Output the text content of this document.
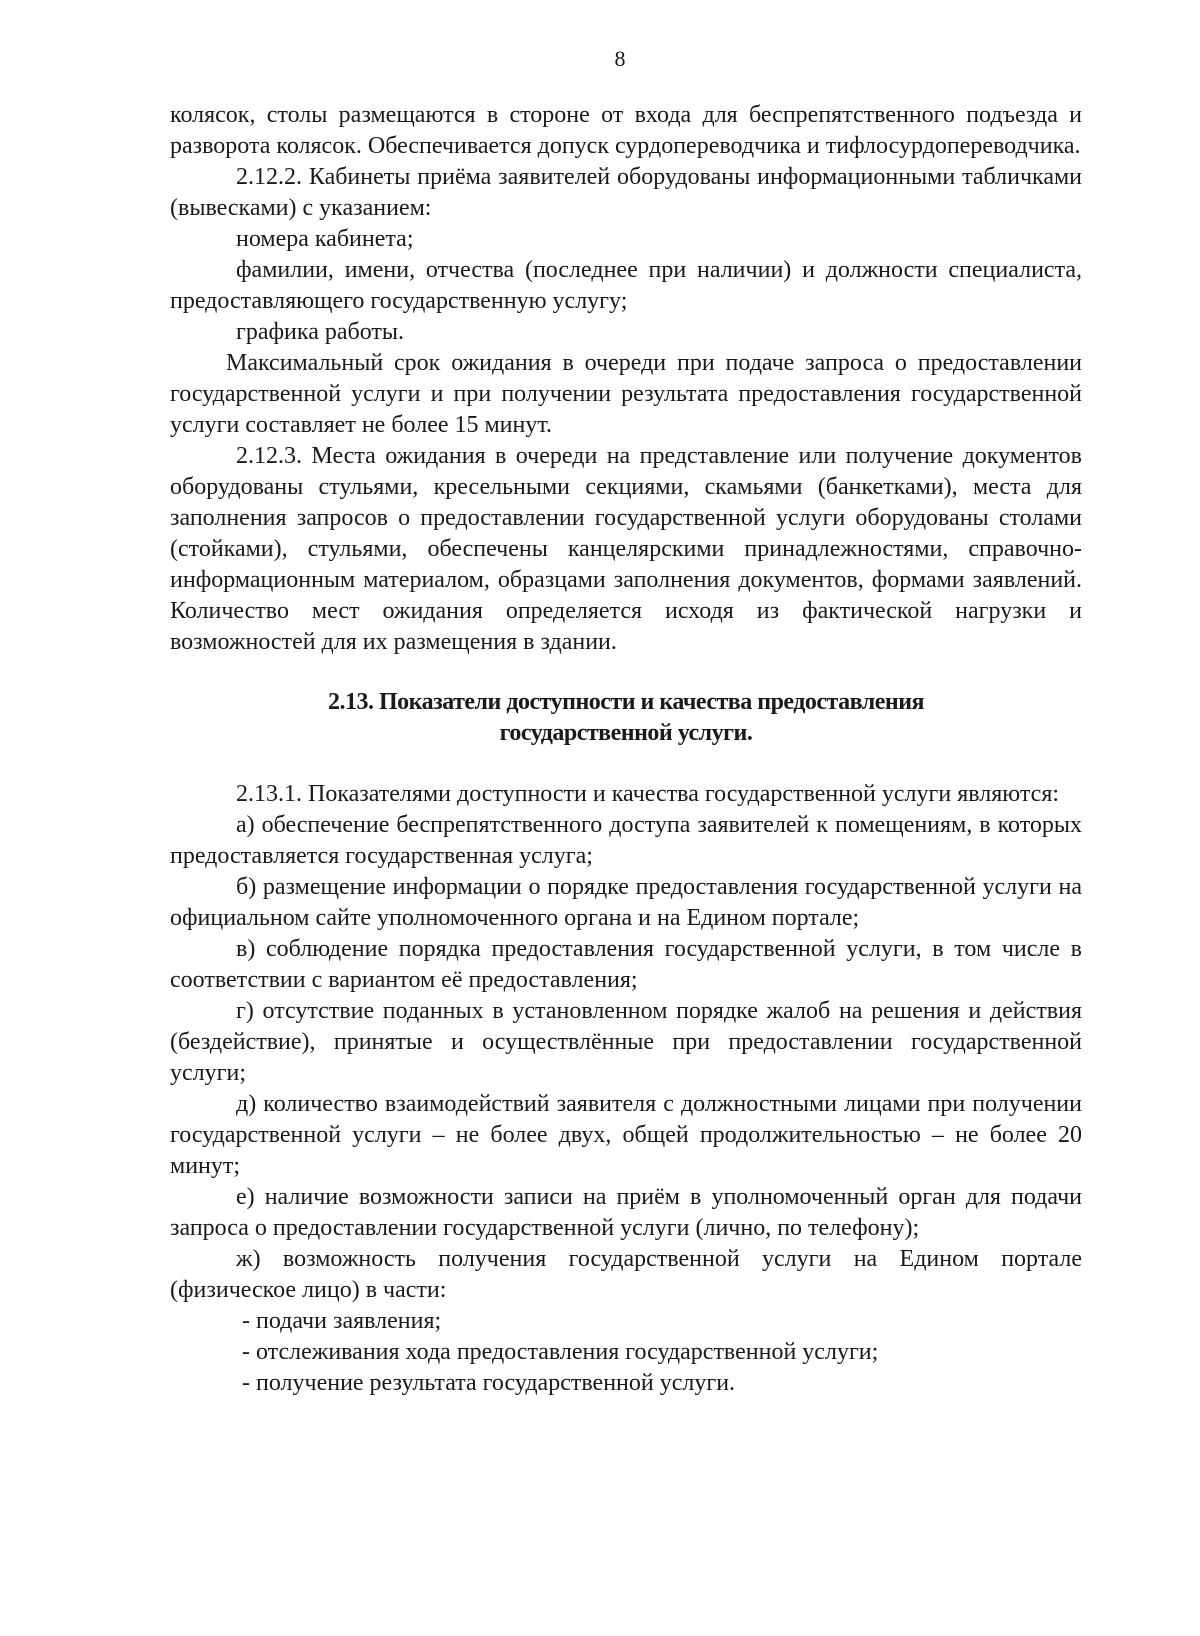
8

колясок, столы размещаются в стороне от входа для беспрепятственного подъезда и разворота колясок. Обеспечивается допуск сурдопереводчика и тифлосурдопереводчика.

2.12.2. Кабинеты приёма заявителей оборудованы информационными табличками (вывесками) с указанием:

номера кабинета;

фамилии, имени, отчества (последнее при наличии) и должности специалиста, предоставляющего государственную услугу;

графика работы.

Максимальный срок ожидания в очереди при подаче запроса о предоставлении государственной услуги и при получении результата предоставления государственной услуги составляет не более 15 минут.

2.12.3. Места ожидания в очереди на представление или получение документов оборудованы стульями, кресельными секциями, скамьями (банкетками), места для заполнения запросов о предоставлении государственной услуги оборудованы столами (стойками), стульями, обеспечены канцелярскими принадлежностями, справочно-информационным материалом, образцами заполнения документов, формами заявлений. Количество мест ожидания определяется исходя из фактической нагрузки и возможностей для их размещения в здании.

2.13. Показатели доступности и качества предоставления
государственной услуги.

2.13.1. Показателями доступности и качества государственной услуги являются:

а) обеспечение беспрепятственного доступа заявителей к помещениям, в которых предоставляется государственная услуга;

б) размещение информации о порядке предоставления государственной услуги на официальном сайте уполномоченного органа и на Едином портале;

в) соблюдение порядка предоставления государственной услуги, в том числе в соответствии с вариантом её предоставления;

г) отсутствие поданных в установленном порядке жалоб на решения и действия (бездействие), принятые и осуществлённые при предоставлении государственной услуги;

д) количество взаимодействий заявителя с должностными лицами при получении государственной услуги – не более двух, общей продолжительностью – не более 20 минут;

е) наличие возможности записи на приём в уполномоченный орган для подачи запроса о предоставлении государственной услуги (лично, по телефону);

ж) возможность получения государственной услуги на Едином портале (физическое лицо) в части:

- подачи заявления;

- отслеживания хода предоставления государственной услуги;

- получение результата государственной услуги.
